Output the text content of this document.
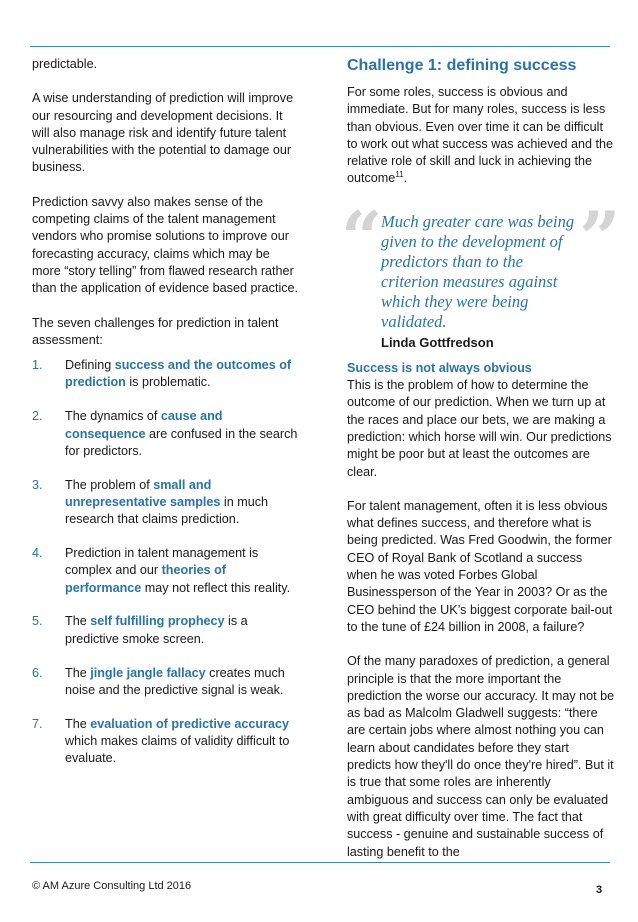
predictable.

A wise understanding of prediction will improve our resourcing and development decisions. It will also manage risk and identify future talent vulnerabilities with the potential to damage our business.

Prediction savvy also makes sense of the competing claims of the talent management vendors who promise solutions to improve our forecasting accuracy, claims which may be more “story telling” from flawed research rather than the application of evidence based practice.

The seven challenges for prediction in talent assessment:

1. Defining success and the outcomes of prediction is problematic.
2. The dynamics of cause and consequence are confused in the search for predictors.
3. The problem of small and unrepresentative samples in much research that claims prediction.
4. Prediction in talent management is complex and our theories of performance may not reflect this reality.
5. The self fulfilling prophecy is a predictive smoke screen.
6. The jingle jangle fallacy creates much noise and the predictive signal is weak.
7. The evaluation of predictive accuracy which makes claims of validity difficult to evaluate.
Challenge 1: defining success

For some roles, success is obvious and immediate. But for many roles, success is less than obvious. Even over time it can be difficult to work out what success was achieved and the relative role of skill and luck in achieving the outcome$^{11}$.

“	”
Much greater care was being given to the development of predictors than to the criterion measures against which they were being validated.
Linda Gottfredson
Success is not always obvious

This is the problem of how to determine the outcome of our prediction. When we turn up at the races and place our bets, we are making a prediction: which horse will win. Our predictions might be poor but at least the outcomes are clear.

For talent management, often it is less obvious what defines success, and therefore what is being predicted. Was Fred Goodwin, the former CEO of Royal Bank of Scotland a success when he was voted Forbes Global Businessperson of the Year in 2003? Or as the CEO behind the UK’s biggest corporate bail-out to the tune of £24 billion in 2008, a failure?

Of the many paradoxes of prediction, a general principle is that the more important the prediction the worse our accuracy. It may not be as bad as Malcolm Gladwell suggests: “there are certain jobs where almost nothing you can learn about candidates before they start predicts how they'll do once they're hired”. But it is true that some roles are inherently ambiguous and success can only be evaluated with great difficulty over time. The fact that success - genuine and sustainable success of lasting benefit to the

© AM Azure Consulting Ltd 2016	3
